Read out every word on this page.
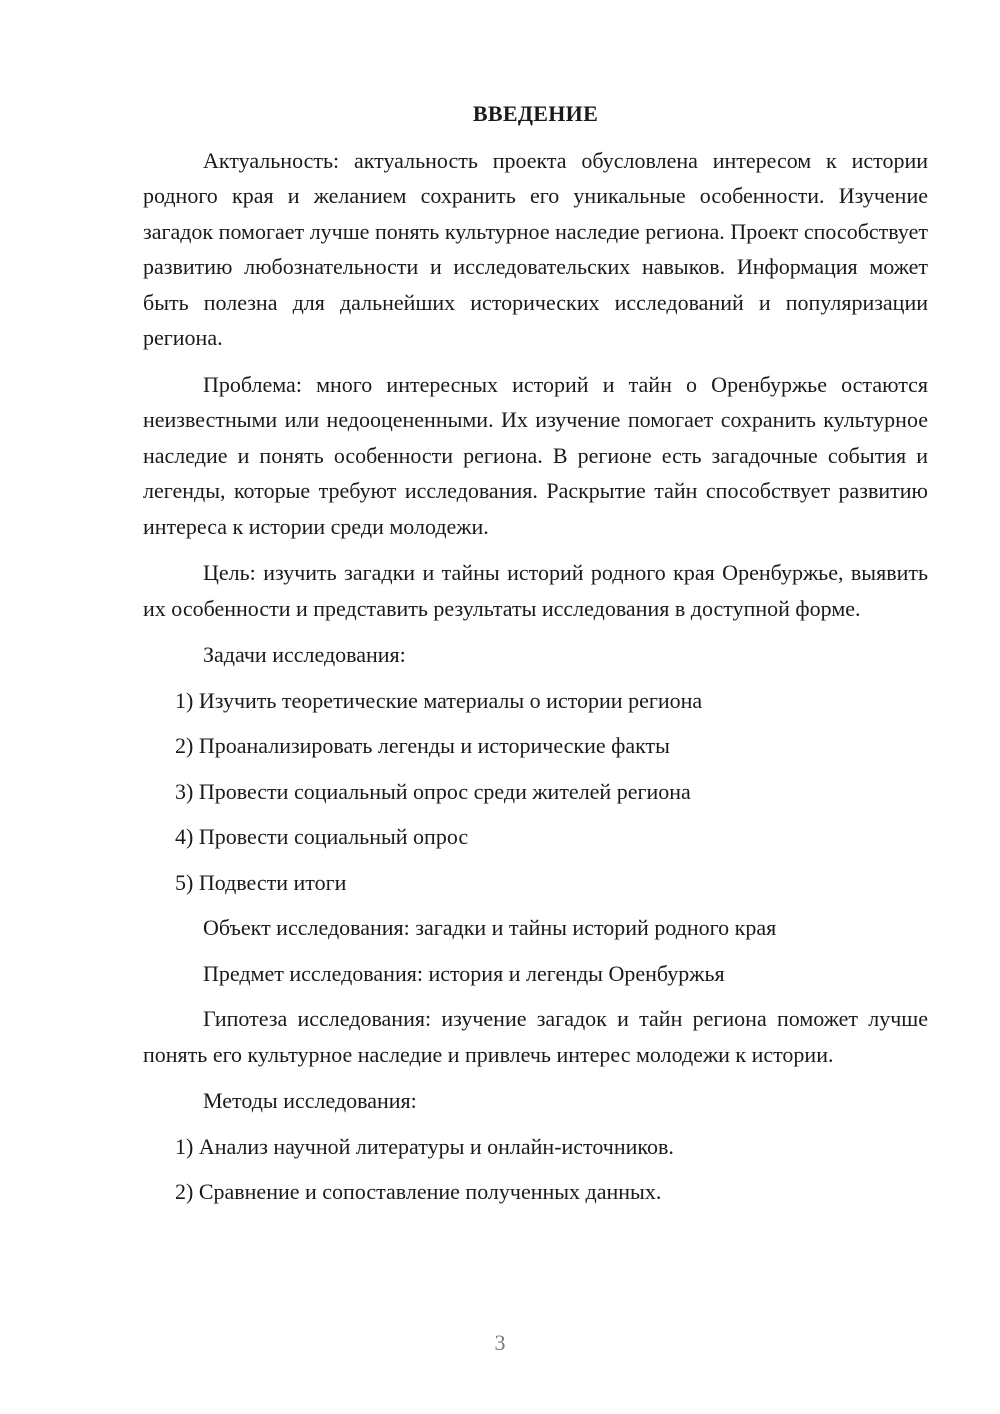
ВВЕДЕНИЕ
Актуальность: актуальность проекта обусловлена интересом к истории родного края и желанием сохранить его уникальные особенности. Изучение загадок помогает лучше понять культурное наследие региона. Проект способствует развитию любознательности и исследовательских навыков. Информация может быть полезна для дальнейших исторических исследований и популяризации региона.
Проблема: много интересных историй и тайн о Оренбуржье остаются неизвестными или недооцененными. Их изучение помогает сохранить культурное наследие и понять особенности региона. В регионе есть загадочные события и легенды, которые требуют исследования. Раскрытие тайн способствует развитию интереса к истории среди молодежи.
Цель: изучить загадки и тайны историй родного края Оренбуржье, выявить их особенности и представить результаты исследования в доступной форме.
Задачи исследования:
1) Изучить теоретические материалы о истории региона
2) Проанализировать легенды и исторические факты
3) Провести социальный опрос среди жителей региона
4) Провести социальный опрос
5) Подвести итоги
Объект исследования: загадки и тайны историй родного края
Предмет исследования: история и легенды Оренбуржья
Гипотеза исследования: изучение загадок и тайн региона поможет лучше понять его культурное наследие и привлечь интерес молодежи к истории.
Методы исследования:
1) Анализ научной литературы и онлайн-источников.
2) Сравнение и сопоставление полученных данных.
3
